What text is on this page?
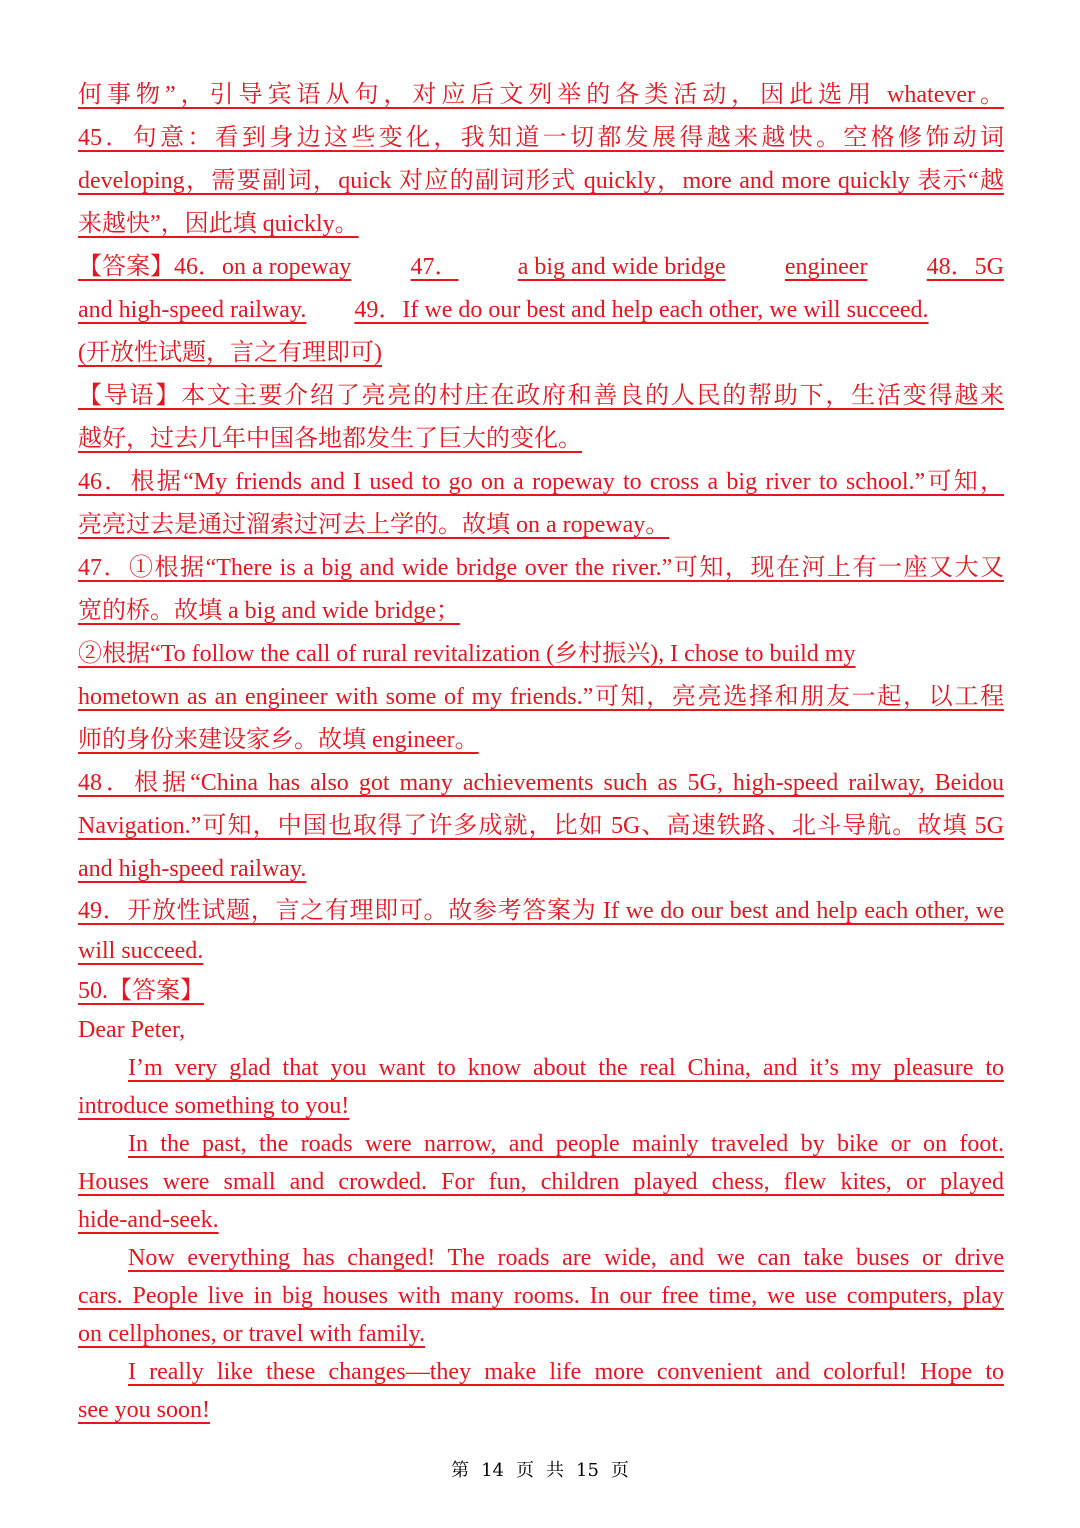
何事物”，引导宾语从句，对应后文列举的各类活动，因此选用 whatever。
45．句意：看到身边这些变化，我知道一切都发展得越来越快。空格修饰动词
developing，需要副词，quick 对应的副词形式 quickly，more and more quickly 表示“越
来越快”，因此填 quickly。
【答案】46．on a ropeway 47． a big and wide bridge engineer 48．5G
and high-speed railway. 49．If we do our best and help each other, we will succeed.
(开放性试题，言之有理即可)
【导语】本文主要介绍了亮亮的村庄在政府和善良的人民的帮助下，生活变得越来
越好，过去几年中国各地都发生了巨大的变化。
46．根据“My friends and I used to go on a ropeway to cross a big river to school.”可知，
亮亮过去是通过溜索过河去上学的。故填 on a ropeway。
47．①根据“There is a big and wide bridge over the river.”可知，现在河上有一座又大又
宽的桥。故填 a big and wide bridge；
②根据“To follow the call of rural revitalization (乡村振兴), I chose to build my
hometown as an engineer with some of my friends.”可知，亮亮选择和朋友一起，以工程
师的身份来建设家乡。故填 engineer。
48．根据“China has also got many achievements such as 5G, high-speed railway, Beidou
Navigation.”可知，中国也取得了许多成就，比如 5G、高速铁路、北斗导航。故填 5G
and high-speed railway.
49．开放性试题，言之有理即可。故参考答案为 If we do our best and help each other, we
will succeed.
50.【答案】
Dear Peter,
I’m very glad that you want to know about the real China, and it’s my pleasure to
introduce something to you!
In the past, the roads were narrow, and people mainly traveled by bike or on foot.
Houses were small and crowded. For fun, children played chess, flew kites, or played
hide-and-seek.
Now everything has changed! The roads are wide, and we can take buses or drive
cars. People live in big houses with many rooms. In our free time, we use computers, play
on cellphones, or travel with family.
I really like these changes—they make life more convenient and colorful! Hope to
see you soon!
第 14 页 共 15 页
